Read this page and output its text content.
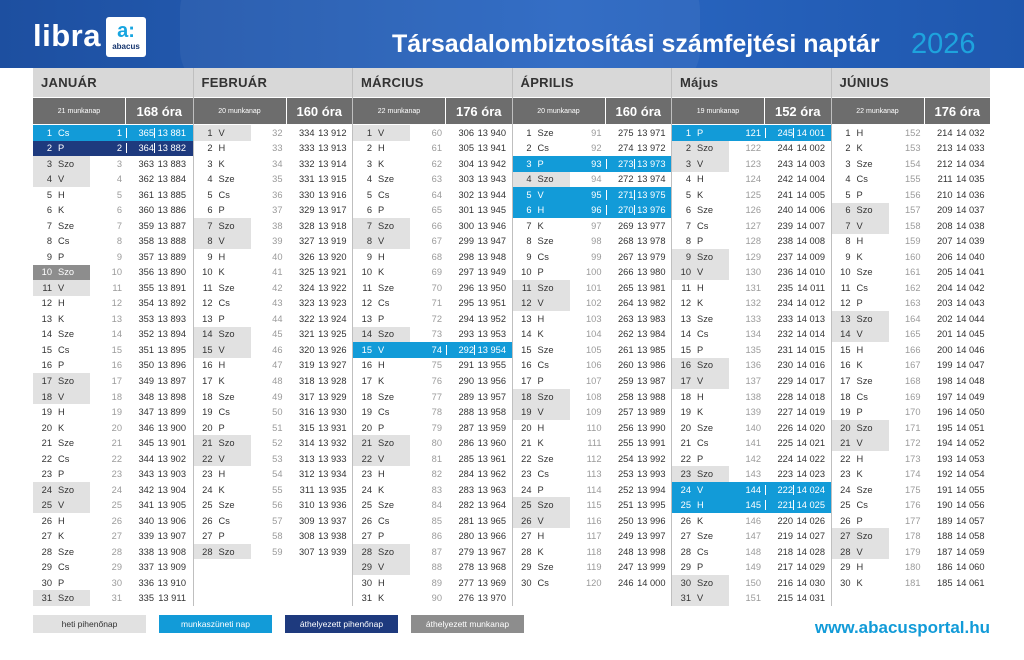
libra a:
abacus	Társadalombiztosítási számfejtési naptár 2026
JANUÁR
21 munkanap	168 óra
1 Cs	1	365 13 881
2 P	2	364 13 882
3 Szo	3	363 13 883
4 V	4	362 13 884
5 H	5	361 13 885
6 K	6	360 13 886
7 Sze	7	359 13 887
8 Cs	8	358 13 888
9 P	9	357 13 889
10 Szo	10	356 13 890
11 V	11	355 13 891
12 H	12	354 13 892
13 K	13	353 13 893
14 Sze	14	352 13 894
15 Cs	15	351 13 895
16 P	16	350 13 896
17 Szo	17	349 13 897
18 V	18	348 13 898
19 H	19	347 13 899
20 K	20	346 13 900
21 Sze	21	345 13 901
22 Cs	22	344 13 902
23 P	23	343 13 903
24 Szo	24	342 13 904
25 V	25	341 13 905
26 H	26	340 13 906
27 K	27	339 13 907
28 Sze	28	338 13 908
29 Cs	29	337 13 909
30 P	30	336 13 910
31 Szo	31	335 13 911
FEBRUÁR
20 munkanap	160 óra
1 V	32	334 13 912
2 H	33	333 13 913
3 K	34	332 13 914
4 Sze	35	331 13 915
5 Cs	36	330 13 916
6 P	37	329 13 917
7 Szo	38	328 13 918
8 V	39	327 13 919
9 H	40	326 13 920
10 K	41	325 13 921
11 Sze	42	324 13 922
12 Cs	43	323 13 923
13 P	44	322 13 924
14 Szo	45	321 13 925
15 V	46	320 13 926
16 H	47	319 13 927
17 K	48	318 13 928
18 Sze	49	317 13 929
19 Cs	50	316 13 930
20 P	51	315 13 931
21 Szo	52	314 13 932
22 V	53	313 13 933
23 H	54	312 13 934
24 K	55	311 13 935
25 Sze	56	310 13 936
26 Cs	57	309 13 937
27 P	58	308 13 938
28 Szo	59	307 13 939
MÁRCIUS
22 munkanap	176 óra
1 V	60	306 13 940
2 H	61	305 13 941
3 K	62	304 13 942
4 Sze	63	303 13 943
5 Cs	64	302 13 944
6 P	65	301 13 945
7 Szo	66	300 13 946
8 V	67	299 13 947
9 H	68	298 13 948
10 K	69	297 13 949
11 Sze	70	296 13 950
12 Cs	71	295 13 951
13 P	72	294 13 952
14 Szo	73	293 13 953
15 V	74	292 13 954
16 H	75	291 13 955
17 K	76	290 13 956
18 Sze	77	289 13 957
19 Cs	78	288 13 958
20 P	79	287 13 959
21 Szo	80	286 13 960
22 V	81	285 13 961
23 H	82	284 13 962
24 K	83	283 13 963
25 Sze	84	282 13 964
26 Cs	85	281 13 965
27 P	86	280 13 966
28 Szo	87	279 13 967
29 V	88	278 13 968
30 H	89	277 13 969
31 K	90	276 13 970
ÁPRILIS
20 munkanap	160 óra
1 Sze	91	275 13 971
2 Cs	92	274 13 972
3 P	93	273 13 973
4 Szo	94	272 13 974
5 V	95	271 13 975
6 H	96	270 13 976
7 K	97	269 13 977
8 Sze	98	268 13 978
9 Cs	99	267 13 979
10 P	100	266 13 980
11 Szo	101	265 13 981
12 V	102	264 13 982
13 H	103	263 13 983
14 K	104	262 13 984
15 Sze	105	261 13 985
16 Cs	106	260 13 986
17 P	107	259 13 987
18 Szo	108	258 13 988
19 V	109	257 13 989
20 H	110	256 13 990
21 K	111	255 13 991
22 Sze	112	254 13 992
23 Cs	113	253 13 993
24 P	114	252 13 994
25 Szo	115	251 13 995
26 V	116	250 13 996
27 H	117	249 13 997
28 K	118	248 13 998
29 Sze	119	247 13 999
30 Cs	120	246 14 000
Május
19 munkanap	152 óra
1 P	121	245 14 001
2 Szo	122	244 14 002
3 V	123	243 14 003
4 H	124	242 14 004
5 K	125	241 14 005
6 Sze	126	240 14 006
7 Cs	127	239 14 007
8 P	128	238 14 008
9 Szo	129	237 14 009
10 V	130	236 14 010
11 H	131	235 14 011
12 K	132	234 14 012
13 Sze	133	233 14 013
14 Cs	134	232 14 014
15 P	135	231 14 015
16 Szo	136	230 14 016
17 V	137	229 14 017
18 H	138	228 14 018
19 K	139	227 14 019
20 Sze	140	226 14 020
21 Cs	141	225 14 021
22 P	142	224 14 022
23 Szo	143	223 14 023
24 V	144	222 14 024
25 H	145	221 14 025
26 K	146	220 14 026
27 Sze	147	219 14 027
28 Cs	148	218 14 028
29 P	149	217 14 029
30 Szo	150	216 14 030
31 V	151	215 14 031
JÚNIUS
22 munkanap	176 óra
1 H	152	214 14 032
2 K	153	213 14 033
3 Sze	154	212 14 034
4 Cs	155	211 14 035
5 P	156	210 14 036
6 Szo	157	209 14 037
7 V	158	208 14 038
8 H	159	207 14 039
9 K	160	206 14 040
10 Sze	161	205 14 041
11 Cs	162	204 14 042
12 P	163	203 14 043
13 Szo	164	202 14 044
14 V	165	201 14 045
15 H	166	200 14 046
16 K	167	199 14 047
17 Sze	168	198 14 048
18 Cs	169	197 14 049
19 P	170	196 14 050
20 Szo	171	195 14 051
21 V	172	194 14 052
22 H	173	193 14 053
23 K	174	192 14 054
24 Sze	175	191 14 055
25 Cs	176	190 14 056
26 P	177	189 14 057
27 Szo	178	188 14 058
28 V	179	187 14 059
29 H	180	186 14 060
30 K	181	185 14 061
heti pihenőnap	munkaszüneti nap	áthelyezett pihenőnap	áthelyezett munkanap	www.abacusportal.hu
